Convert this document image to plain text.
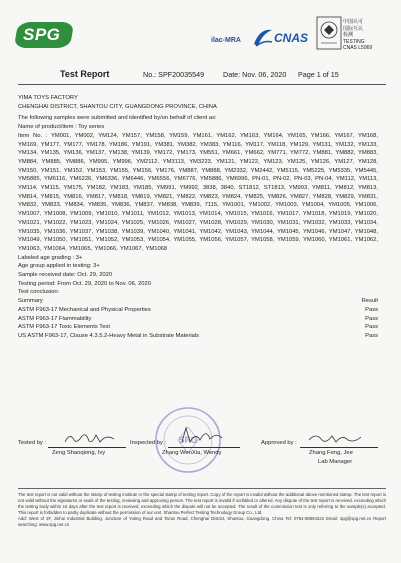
SPG	ilac-MRA	CNAS
中国认可
国际互认
检测
TESTING
CNAS L5969
Test Report	No.: SPF20035549	Date: Nov. 06, 2020 Page 1 of 15

YIMA TOYS FACTORY

CHENGHAI DISTRICT, SHANTOU CITY, GUANGDONG PROVINCE, CHINA

The following samples were submitted and identified by/on behalf of client as:

Name of product/item : Toy series

Item No. : YM001, YM002, YM124, YM157, YM158, YM159, YM161, YM162, YM163, YM164, YM165, YM166, YM167, YM168, YM169, YM177, YM177, YM178, YM186, YM191, YM381, YM382, YM383, YM116, YM117, YM118, YM129, YM131, YM132, YM133, YM134, YM135, YM136, YM137, YM138, YM139, YM172, YM173, YM551, YM661, YM662, YM771, YM772, YM881, YM882, YM883, YM884, YM885, YM886, YM995, YM996, YM2112, YM3113, YM3223, YM121, YM122, YM123, YM125, YM126, YM127, YM128, YM150, YM151, YM152, YM153, YM155, YM156, YM176, YM887, YM888, YM2332, YM2442, YM5115, YM5225, YM5335, YM5445, YM5885, YM6116, YM6226, YM6336, YM6446, YM6556, YM6776, YM5886, YM6996, PN-01, PN-02, PN-03, PN-04, YM112, YM113, YM114, YM115, YM175, YM182, YM183, YM185, YM991, YM992, 3838, 3840, ST1812, ST1813, YM993, YM811, YM812, YM813, YM814, YM815, YM816, YM817, YM818, YM819, YM821, YM822, YM823, YM824, YM825, YM826, YM827, YM828, YM829, YM831, YM832, YM833, YM834, YM835, YM836, YM837, YM838, YM839, 7115, YM1001, YM1002, YM1003, YM1004, YM1005, YM1006, YM1007, YM1008, YM1009, YM1010, YM1011, YM1012, YM1013, YM1014, YM1015, YM1016, YM1017, YM1018, YM1019, YM1020, YM1021, YM1022, YM1023, YM1024, YM1025, YM1026, YM1027, YM1028, YM1029, YM1030, YM1031, YM1032, YM1033, YM1034, YM1035, YM1036, YM1037, YM1038, YM1039, YM1040, YM1041, YM1042, YM1043, YM1044, YM1045, YM1046, YM1047, YM1048, YM1049, YM1050, YM1051, YM1052, YM1053, YM1054, YM1055, YM1056, YM1057, YM1058, YM1059, YM1060, YM1061, YM1062, YM1063, YM1064, YM1065, YM1066, YM1067, YM1068

Labeled age grading : 3+

Age group applied in testing: 3+

Sample received date: Oct. 29, 2020

Testing period: From Oct. 29, 2020 to Nov. 06, 2020

Test conclusion:

Summary	Result
ASTM F963-17 Mechanical and Physical Properties	Pass
ASTM F963-17 Flammability	Pass
ASTM F963-17 Toxic Elements Test	Pass
US ASTM F963-17, Clause 4.3.5.2-Heavy Metal in Substrate Materials	Pass
SPG
Tested by :
Zeng Shaoqiong, Ivy
Inspected by :
Zhang WenXia, Wendy
Approved by :
Zhang Feng, Jee
Lab Manager

The test report is not valid without the stamp of testing institute or the special stamp of testing report. Copy of the report is invalid without the additional above mentioned stamp. The test report is not valid without the signatures or seals of the testing, reviewing and approving person. The test report is invalid if scribbled or altered. Any dispute of the test report is received, exceeding which the testing body within 15 days after the test report is received, exceeding which the dispute will not be accepted. The result of the commission test is only referring to the sample(s) accepted. This report is forbidden to partly duplicate without the permission of our unit. Shantou Perfect Testing Technology Group Co., Ltd.

Add: West of 2F, Jinhui Industrial Building, Juncture of Yuting Road and Tai'an Road, Chenghai District, Shantou, Guangdong, China Tel: 0754-88894222 Email: spg@spg.net.cn Report searching: www.spg.net.cn
